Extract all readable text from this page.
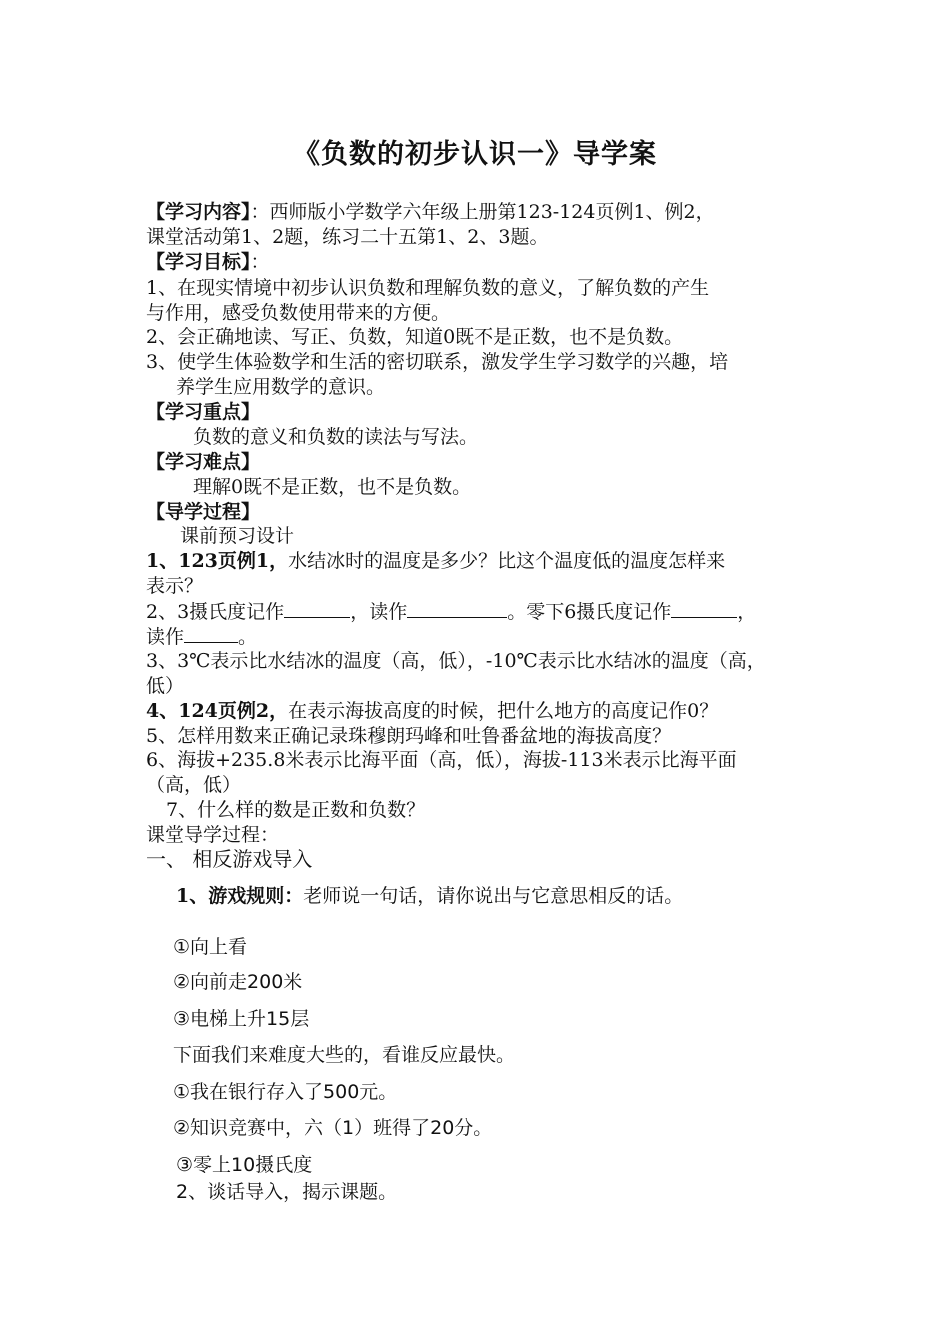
《负数的初步认识一》导学案
【学习内容】：西师版小学数学六年级上册第123-124页例1、例2，
课堂活动第1、2题，练习二十五第1、2、3题。
【学习目标】：
1、在现实情境中初步认识负数和理解负数的意义，了解负数的产生
与作用，感受负数使用带来的方便。
2、会正确地读、写正、负数，知道0既不是正数，也不是负数。
3、使学生体验数学和生活的密切联系，激发学生学习数学的兴趣，培
养学生应用数学的意识。
【学习重点】
负数的意义和负数的读法与写法。
【学习难点】
理解0既不是正数，也不是负数。
【导学过程】
课前预习设计
1、123页例1，水结冰时的温度是多少？比这个温度低的温度怎样来
表示？
2、3摄氏度记作	，读作	。零下6摄氏度记作	，
读作	。
3、3℃表示比水结冰的温度（高，低），-10℃表示比水结冰的温度（高，
低）
4、124页例2，在表示海拔高度的时候，把什么地方的高度记作0？
5、怎样用数来正确记录珠穆朗玛峰和吐鲁番盆地的海拔高度？
6、海拔+235.8米表示比海平面（高，低），海拔-113米表示比海平面
（高，低）
7、什么样的数是正数和负数？
课堂导学过程：
一、 相反游戏导入
1、游戏规则：老师说一句话，请你说出与它意思相反的话。
①向上看
②向前走200米
③电梯上升15层
下面我们来难度大些的，看谁反应最快。
①我在银行存入了500元。
②知识竞赛中，六（1）班得了20分。
③零上10摄氏度
2、谈话导入，揭示课题。
